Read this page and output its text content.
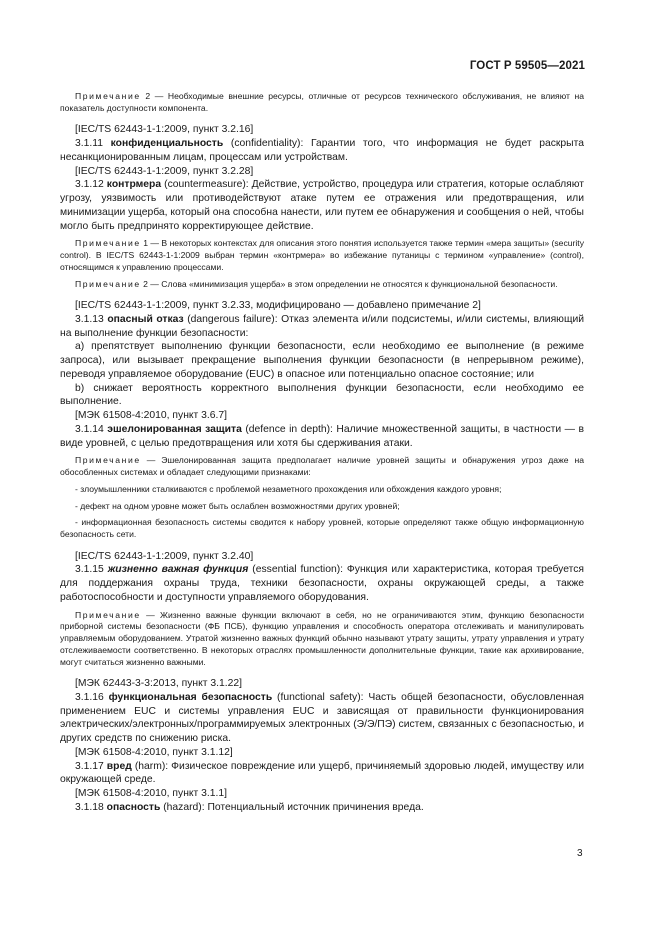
ГОСТ Р 59505—2021

Примечание 2 — Необходимые внешние ресурсы, отличные от ресурсов технического обслуживания, не влияют на показатель доступности компонента.

[IEC/TS 62443-1-1:2009, пункт 3.2.16]

3.1.11 конфиденциальность (confidentiality): Гарантии того, что информация не будет раскрыта несанкционированным лицам, процессам или устройствам.

[IEC/TS 62443-1-1:2009, пункт 3.2.28]

3.1.12 контрмера (countermeasure): Действие, устройство, процедура или стратегия, которые ослабляют угрозу, уязвимость или противодействуют атаке путем ее отражения или предотвращения, или минимизации ущерба, который она способна нанести, или путем ее обнаружения и сообщения о ней, чтобы могло быть предпринято корректирующее действие.

Примечание 1 — В некоторых контекстах для описания этого понятия используется также термин «мера защиты» (security control). В IEC/TS 62443-1-1:2009 выбран термин «контрмера» во избежание путаницы с термином «управление» (control), относящимся к управлению процессами.

Примечание 2 — Слова «минимизация ущерба» в этом определении не относятся к функциональной безопасности.

[IEC/TS 62443-1-1:2009, пункт 3.2.33, модифицировано — добавлено примечание 2]

3.1.13 опасный отказ (dangerous failure): Отказ элемента и/или подсистемы, и/или системы, влияющий на выполнение функции безопасности:

a) препятствует выполнению функции безопасности, если необходимо ее выполнение (в режиме запроса), или вызывает прекращение выполнения функции безопасности (в непрерывном режиме), переводя управляемое оборудование (EUC) в опасное или потенциально опасное состояние; или

b) снижает вероятность корректного выполнения функции безопасности, если необходимо ее выполнение.

[МЭК 61508-4:2010, пункт 3.6.7]

3.1.14 эшелонированная защита (defence in depth): Наличие множественной защиты, в частности — в виде уровней, с целью предотвращения или хотя бы сдерживания атаки.

Примечание — Эшелонированная защита предполагает наличие уровней защиты и обнаружения угроз даже на обособленных системах и обладает следующими признаками:

- злоумышленники сталкиваются с проблемой незаметного прохождения или обхождения каждого уровня;

- дефект на одном уровне может быть ослаблен возможностями других уровней;

- информационная безопасность системы сводится к набору уровней, которые определяют также общую информационную безопасность сети.

[IEC/TS 62443-1-1:2009, пункт 3.2.40]

3.1.15 жизненно важная функция (essential function): Функция или характеристика, которая требуется для поддержания охраны труда, техники безопасности, охраны окружающей среды, а также работоспособности и доступности управляемого оборудования.

Примечание — Жизненно важные функции включают в себя, но не ограничиваются этим, функцию безопасности приборной системы безопасности (ФБ ПСБ), функцию управления и способность оператора отслеживать и манипулировать управляемым оборудованием. Утратой жизненно важных функций обычно называют утрату защиты, утрату управления и утрату отслеживаемости соответственно. В некоторых отраслях промышленности дополнительные функции, такие как архивирование, могут считаться жизненно важными.

[МЭК 62443-3-3:2013, пункт 3.1.22]

3.1.16 функциональная безопасность (functional safety): Часть общей безопасности, обусловленная применением EUC и системы управления EUC и зависящая от правильности функционирования электрических/электронных/программируемых электронных (Э/Э/ПЭ) систем, связанных с безопасностью, и других средств по снижению риска.

[МЭК 61508-4:2010, пункт 3.1.12]

3.1.17 вред (harm): Физическое повреждение или ущерб, причиняемый здоровью людей, имуществу или окружающей среде.

[МЭК 61508-4:2010, пункт 3.1.1]

3.1.18 опасность (hazard): Потенциальный источник причинения вреда.

3
